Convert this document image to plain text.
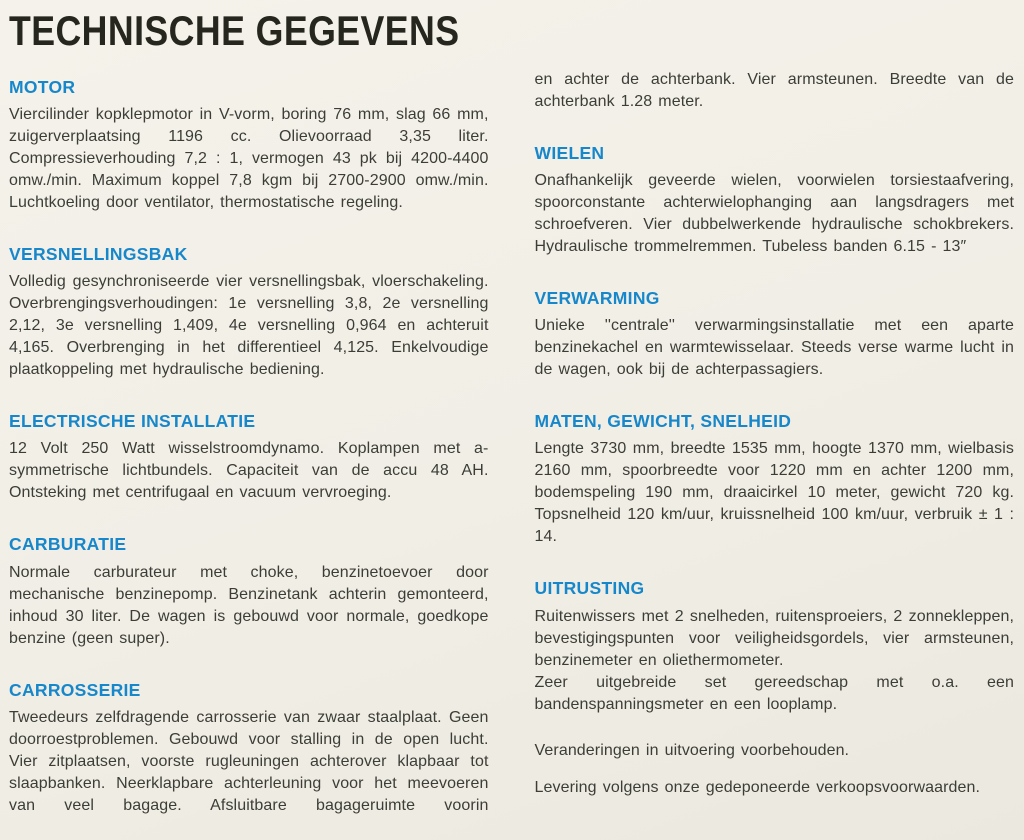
TECHNISCHE GEGEVENS
MOTOR

Viercilinder kopklepmotor in V-vorm, boring 76 mm, slag 66 mm, zuigerverplaatsing 1196 cc. Olievoorraad 3,35 liter. Compressieverhouding 7,2 : 1, vermogen 43 pk bij 4200-4400 omw./min. Maximum koppel 7,8 kgm bij 2700-2900 omw./min. Luchtkoeling door ventilator, thermostatische regeling.

VERSNELLINGSBAK

Volledig gesynchroniseerde vier versnellingsbak, vloerschakeling. Overbrengingsverhoudingen: 1e versnelling 3,8, 2e versnelling 2,12, 3e versnelling 1,409, 4e versnelling 0,964 en achteruit 4,165. Overbrenging in het differentieel 4,125. Enkelvoudige plaatkoppeling met hydraulische bediening.

ELECTRISCHE INSTALLATIE

12 Volt 250 Watt wisselstroomdynamo. Koplampen met a-symmetrische lichtbundels. Capaciteit van de accu 48 AH. Ontsteking met centrifugaal en vacuum vervroeging.

CARBURATIE

Normale carburateur met choke, benzinetoevoer door mechanische benzinepomp. Benzinetank achterin gemonteerd, inhoud 30 liter. De wagen is gebouwd voor normale, goedkope benzine (geen super).

CARROSSERIE

Tweedeurs zelfdragende carrosserie van zwaar staalplaat. Geen doorroestproblemen. Gebouwd voor stalling in de open lucht. Vier zitplaatsen, voorste rugleuningen achterover klapbaar tot slaapbanken. Neerklapbare achterleuning voor het meevoeren van veel bagage. Afsluitbare bagageruimte voorin

en achter de achterbank. Vier armsteunen. Breedte van de achterbank 1.28 meter.

WIELEN

Onafhankelijk geveerde wielen, voorwielen torsiestaafvering, spoorconstante achterwielophanging aan langsdragers met schroefveren. Vier dubbelwerkende hydraulische schokbrekers. Hydraulische trommelremmen. Tubeless banden 6.15 - 13″

VERWARMING

Unieke ''centrale'' verwarmingsinstallatie met een aparte benzinekachel en warmtewisselaar. Steeds verse warme lucht in de wagen, ook bij de achterpassagiers.

MATEN, GEWICHT, SNELHEID

Lengte 3730 mm, breedte 1535 mm, hoogte 1370 mm, wielbasis 2160 mm, spoorbreedte voor 1220 mm en achter 1200 mm, bodemspeling 190 mm, draaicirkel 10 meter, gewicht 720 kg. Topsnelheid 120 km/uur, kruissnelheid 100 km/uur, verbruik ± 1 : 14.

UITRUSTING

Ruitenwissers met 2 snelheden, ruitensproeiers, 2 zonnekleppen, bevestigingspunten voor veiligheidsgordels, vier armsteunen, benzinemeter en oliethermometer.

Zeer uitgebreide set gereedschap met o.a. een bandenspanningsmeter en een looplamp.

Veranderingen in uitvoering voorbehouden.

Levering volgens onze gedeponeerde verkoopsvoorwaarden.
